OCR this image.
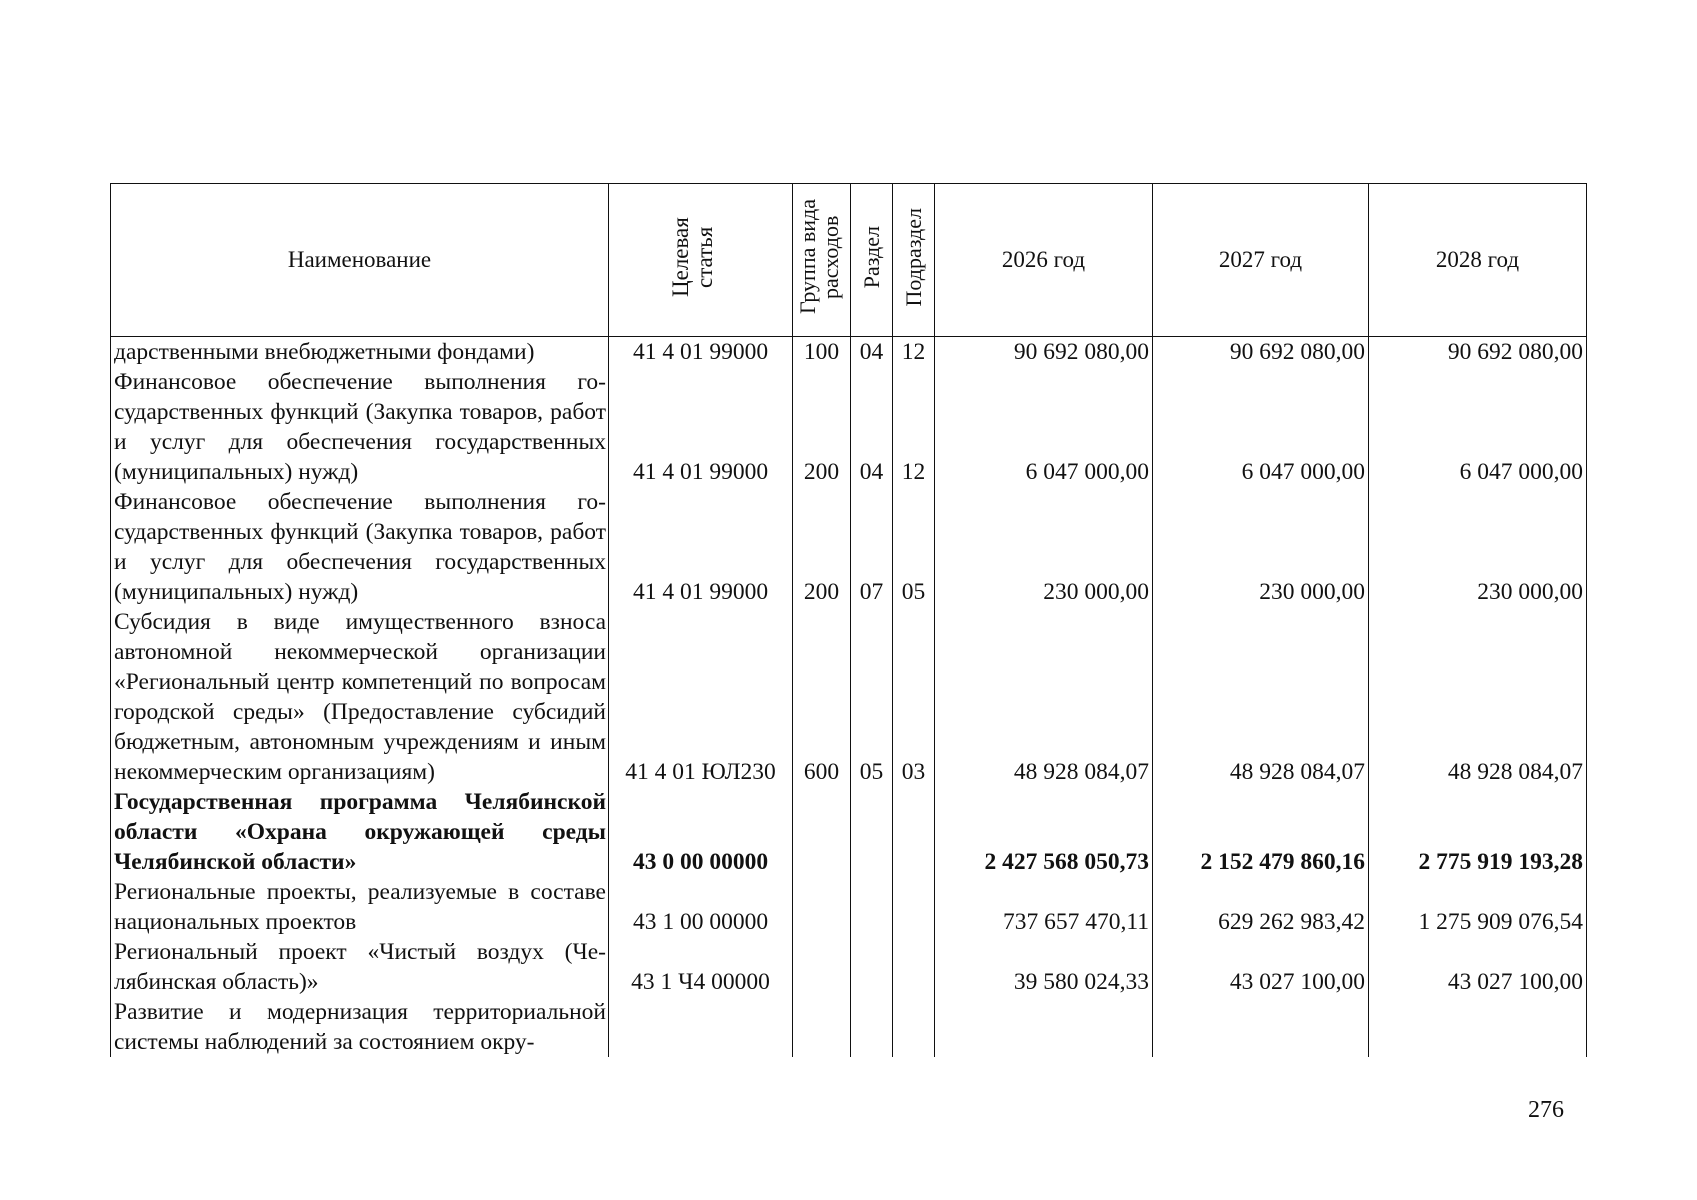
Наименование	Целевая статья	Группа вида расходов	Раздел	Подраздел	2026 год	2027 год	2028 год
дарственными внебюджетными фондами)	41 4 01 99000	100	04	12	90 692 080,00	90 692 080,00	90 692 080,00
Финансовое обеспечение выполнения государственных функций (Закупка товаров, работ и услуг для обеспечения государственных (муниципальных) нужд)	41 4 01 99000	200	04	12	6 047 000,00	6 047 000,00	6 047 000,00
Финансовое обеспечение выполнения государственных функций (Закупка товаров, работ и услуг для обеспечения государственных (муниципальных) нужд)	41 4 01 99000	200	07	05	230 000,00	230 000,00	230 000,00
Субсидия в виде имущественного взноса автономной некоммерческой организации «Региональный центр компетенций по вопросам городской среды» (Предоставление субсидий бюджетным, автономным учреждениям и иным некоммерческим организациям)	41 4 01 ЮЛ230	600	05	03	48 928 084,07	48 928 084,07	48 928 084,07
Государственная программа Челябинской области «Охрана окружающей среды Челябинской области»	43 0 00 00000				2 427 568 050,73	2 152 479 860,16	2 775 919 193,28
Региональные проекты, реализуемые в составе национальных проектов	43 1 00 00000				737 657 470,11	629 262 983,42	1 275 909 076,54
Региональный проект «Чистый воздух (Челябинская область)»	43 1 Ч4 00000				39 580 024,33	43 027 100,00	43 027 100,00
Развитие и модернизация территориальной системы наблюдений за состоянием окру-							
276
